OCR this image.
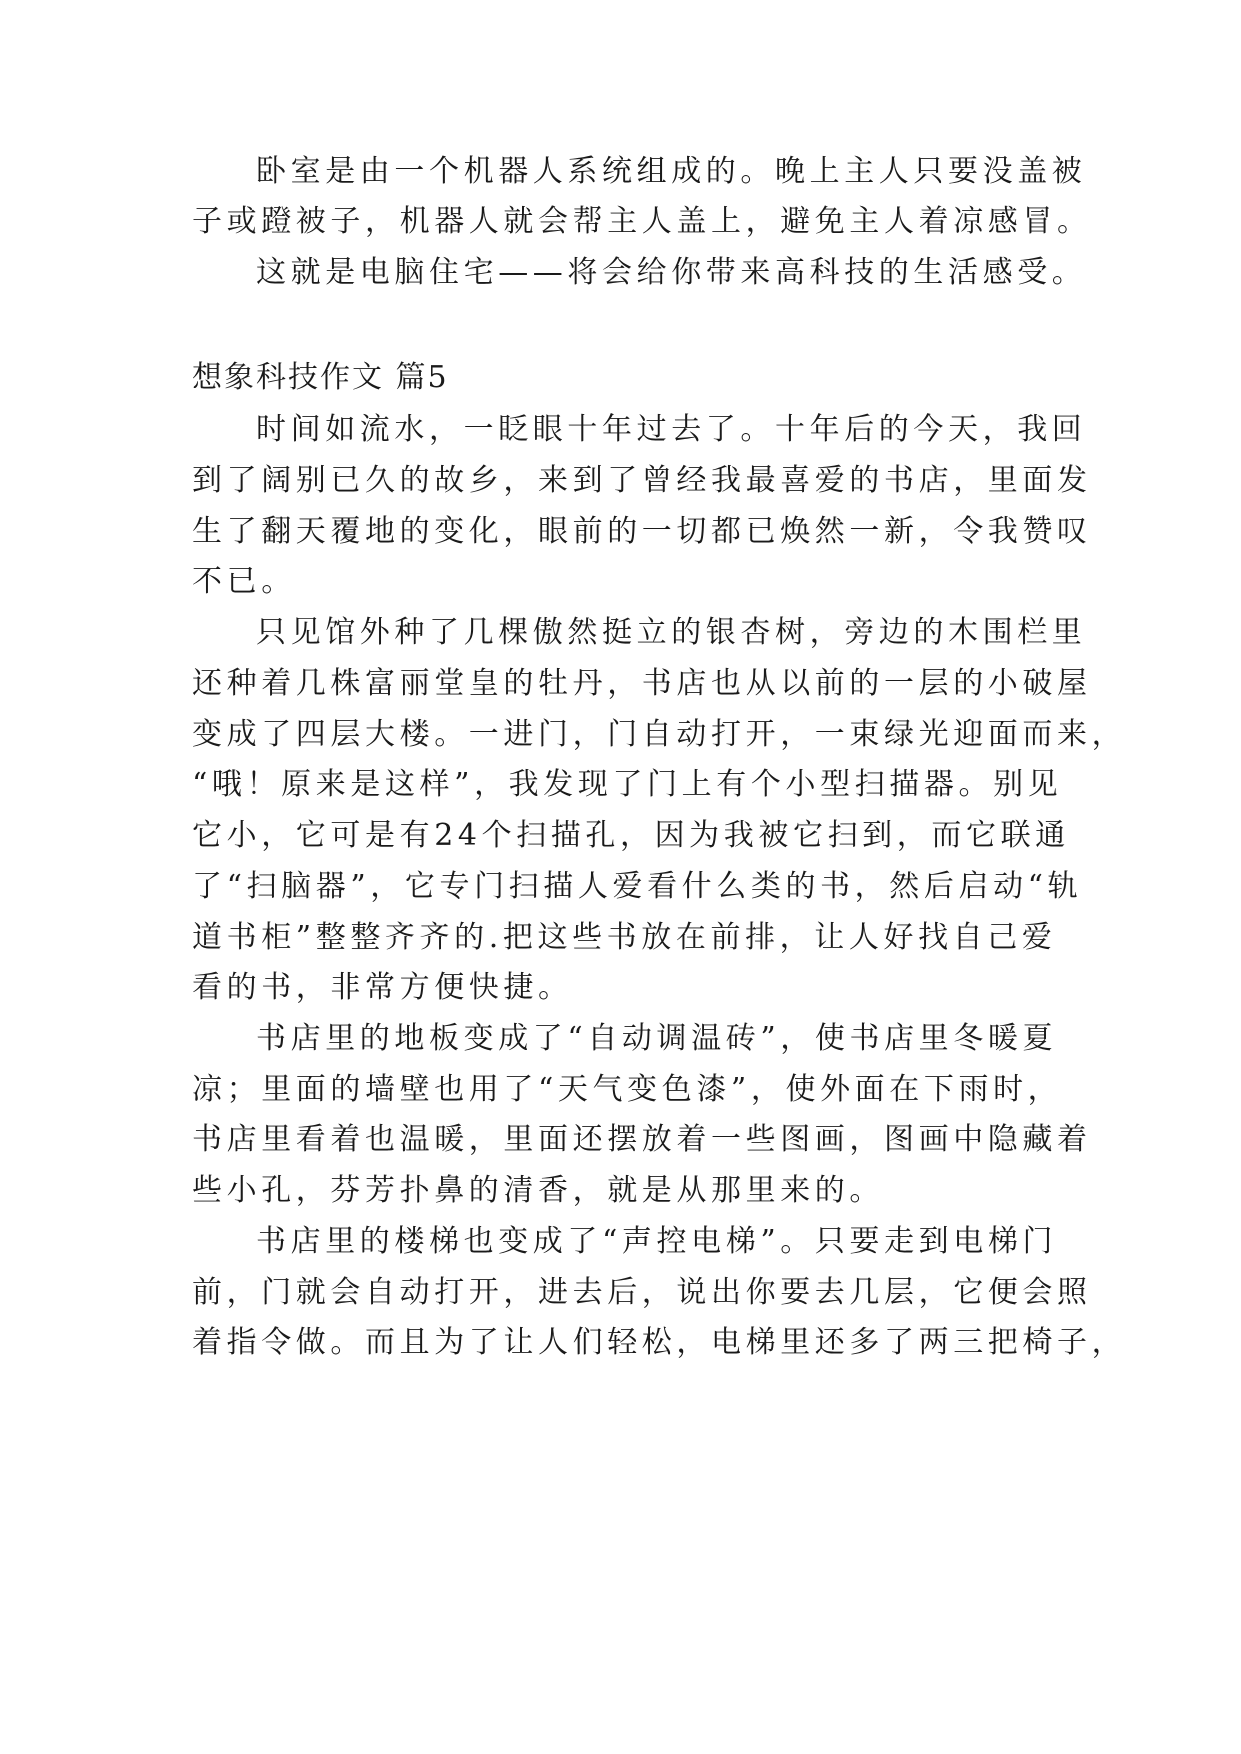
卧室是由一个机器人系统组成的。晚上主人只要没盖被
子或蹬被子，机器人就会帮主人盖上，避免主人着凉感冒。
这就是电脑住宅——将会给你带来高科技的生活感受。
想象科技作文 篇5
时间如流水，一眨眼十年过去了。十年后的今天，我回
到了阔别已久的故乡，来到了曾经我最喜爱的书店，里面发
生了翻天覆地的变化，眼前的一切都已焕然一新，令我赞叹
不已。
只见馆外种了几棵傲然挺立的银杏树，旁边的木围栏里
还种着几株富丽堂皇的牡丹，书店也从以前的一层的小破屋
变成了四层大楼。一进门，门自动打开，一束绿光迎面而来，
“哦！原来是这样”，我发现了门上有个小型扫描器。别见
它小，它可是有24个扫描孔，因为我被它扫到，而它联通
了“扫脑器”，它专门扫描人爱看什么类的书，然后启动“轨
道书柜”整整齐齐的.把这些书放在前排，让人好找自己爱
看的书，非常方便快捷。
书店里的地板变成了“自动调温砖”，使书店里冬暖夏
凉；里面的墙壁也用了“天气变色漆”，使外面在下雨时，
书店里看着也温暖，里面还摆放着一些图画，图画中隐藏着
些小孔，芬芳扑鼻的清香，就是从那里来的。
书店里的楼梯也变成了“声控电梯”。只要走到电梯门
前，门就会自动打开，进去后，说出你要去几层，它便会照
着指令做。而且为了让人们轻松，电梯里还多了两三把椅子，
